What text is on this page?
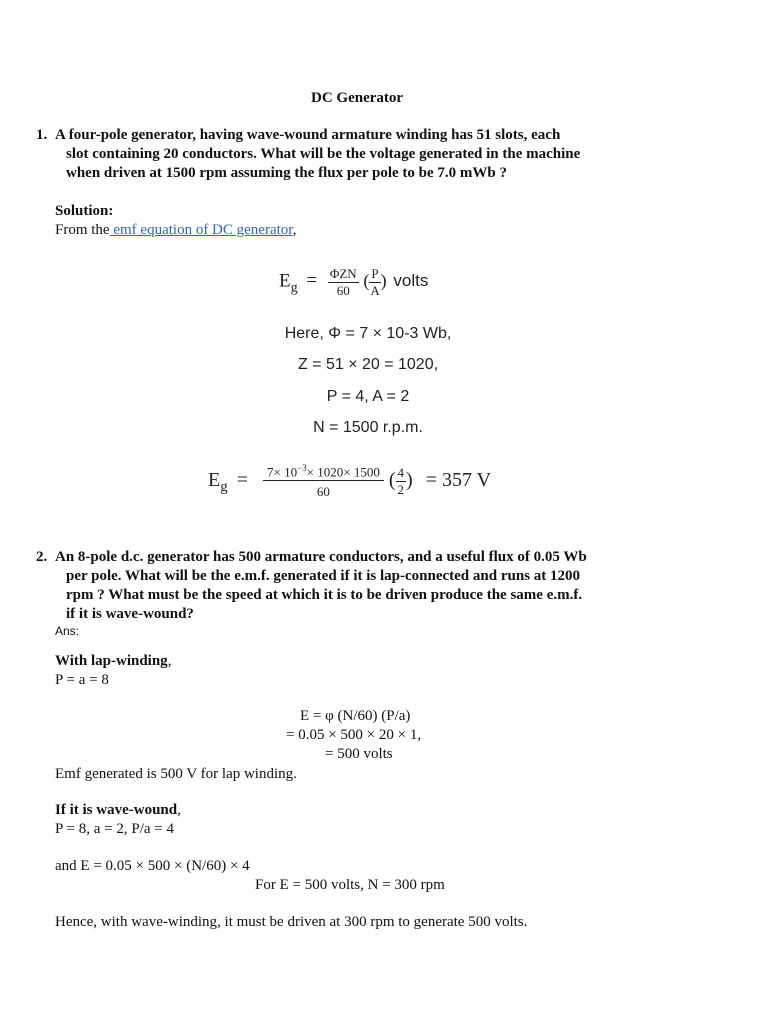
DC Generator
1. A four-pole generator, having wave-wound armature winding has 51 slots, each
slot containing 20 conductors. What will be the voltage generated in the machine
when driven at 1500 rpm assuming the flux per pole to be 7.0 mWb ?
Solution:
From the emf equation of DC generator,
$E_g = \frac{\text{ΦZN}}{60}$ ( $\frac{P}{A}$ ) volts
Here, Φ = 7 × 10-3 Wb,
Z = 51 × 20 = 1020,
P = 4, A = 2
N = 1500 r.p.m.
$E_g = \frac{7\times 10^{-3}\times 1020\times 1500}{60}$ ( $\frac{4}{2}$ ) = 357 V
2. An 8-pole d.c. generator has 500 armature conductors, and a useful flux of 0.05 Wb
per pole. What will be the e.m.f. generated if it is lap-connected and runs at 1200
rpm ? What must be the speed at which it is to be driven produce the same e.m.f.
if it is wave-wound?
Ans:
With lap-winding,
P = a = 8
E = φ (N/60) (P/a)
= 0.05 × 500 × 20 × 1,
= 500 volts
Emf generated is 500 V for lap winding.
If it is wave-wound,
P = 8, a = 2, P/a = 4
and E = 0.05 × 500 × (N/60) × 4
For E = 500 volts, N = 300 rpm
Hence, with wave-winding, it must be driven at 300 rpm to generate 500 volts.
